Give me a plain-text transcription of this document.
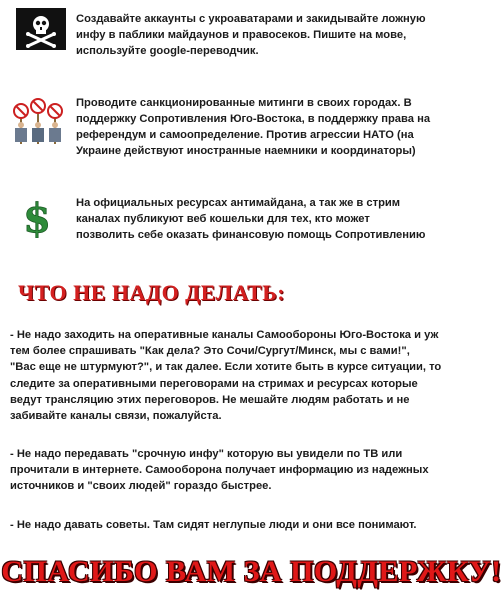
Создавайте аккаунты с укроаватарами и закидывайте ложную
инфу в паблики майдаунов и правосеков. Пишите на мове,
используйте google-переводчик.
Проводите санкционированные митинги в своих городах. В
поддержку Сопротивления Юго-Востока, в поддержку права на
референдум и самоопределение. Против агрессии НАТО (на
Украине действуют иностранные наемники и координаторы)
$ На официальных ресурсах антимайдана, а так же в стрим
каналах публикуют веб кошельки для тех, кто может
позволить себе оказать финансовую помощь Сопротивлению
ЧТО НЕ НАДО ДЕЛАТЬ:
- Не надо заходить на оперативные каналы Самообороны Юго-Востока и уж
тем более спрашивать "Как дела? Это Сочи/Сургут/Минск, мы с вами!",
"Вас еще не штурмуют?", и так далее. Если хотите быть в курсе ситуации, то
следите за оперативными переговорами на стримах и ресурсах которые
ведут трансляцию этих переговоров. Не мешайте людям работать и не
забивайте каналы связи, пожалуйста.
- Не надо передавать "срочную инфу" которую вы увидели по ТВ или
прочитали в интернете. Самооборона получает информацию из надежных
источников и "своих людей" гораздо быстрее.
- Не надо давать советы. Там сидят неглупые люди и они все понимают.
СПАСИБО ВАМ ЗА ПОДДЕРЖКУ!
